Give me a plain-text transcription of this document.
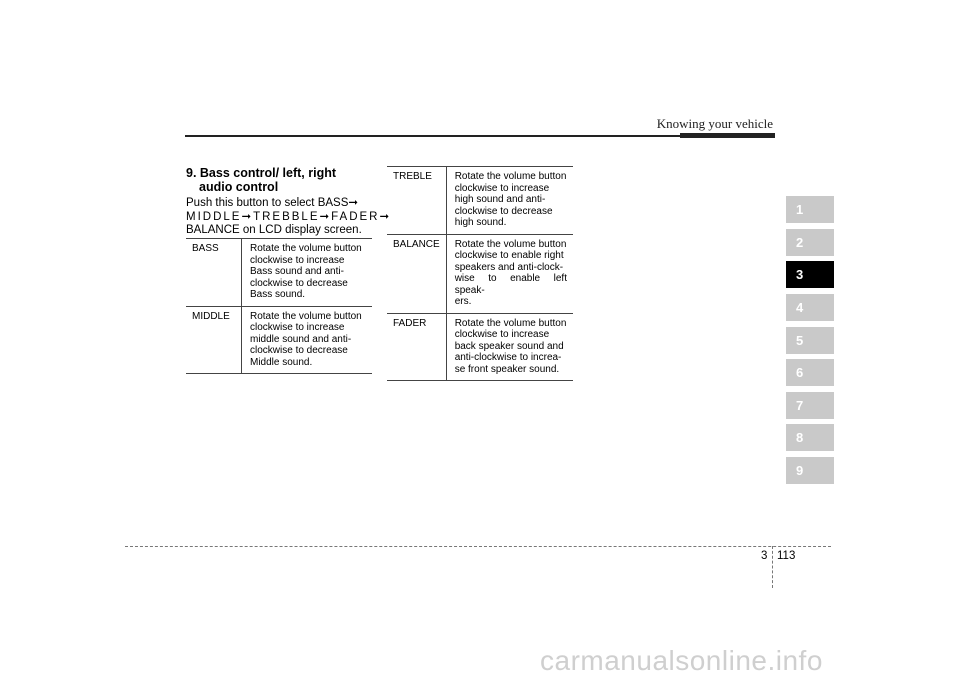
Knowing your vehicle
9. Bass control/ left, right
audio control
Push this button to select BASS➞
MIDDLE➞TREBBLE➞FADER➞
BALANCE on LCD display screen.
BASS	Rotate the volume button
clockwise to increase
Bass sound and anti-
clockwise to decrease
Bass sound.

MIDDLE	Rotate the volume button
clockwise to increase
middle sound and anti-
clockwise to decrease
Middle sound.
TREBLE	Rotate the volume button
clockwise to increase
high sound and anti-
clockwise to decrease
high sound.

BALANCE	Rotate the volume button
clockwise to enable right
speakers and anti-clock-
wise to enable left speak-
ers.

FADER	Rotate the volume button
clockwise to increase
back speaker sound and
anti-clockwise to increa-
se front speaker sound.
1
2
3
4
5
6
7
8
9
3 113
carmanualsonline.info
